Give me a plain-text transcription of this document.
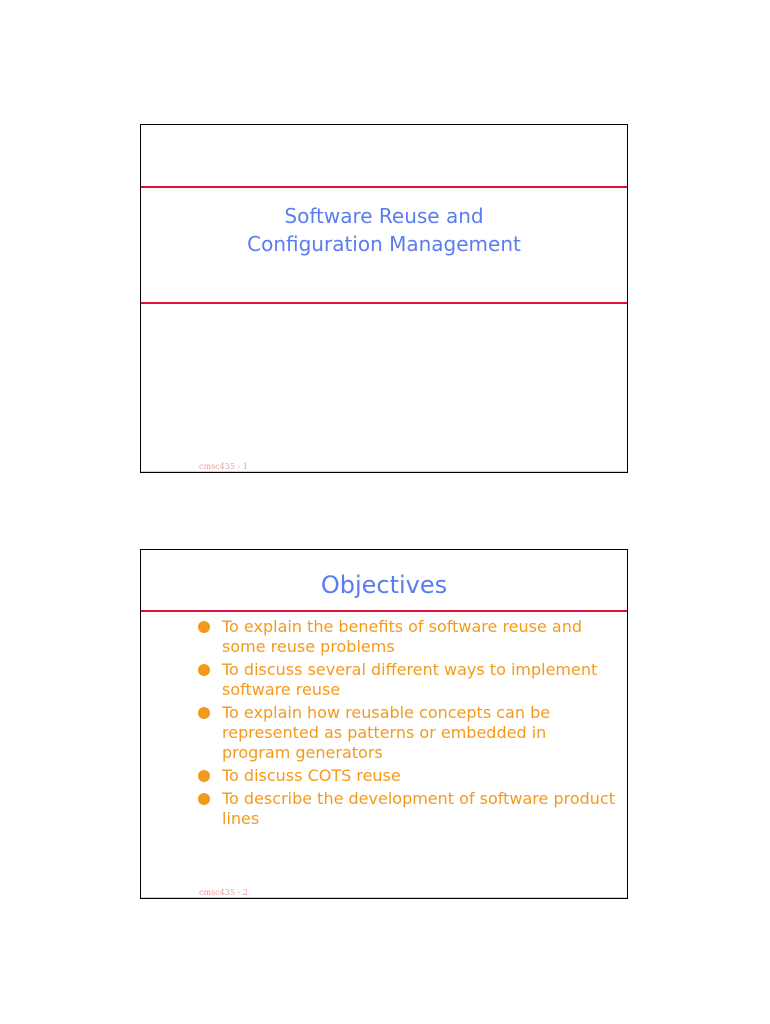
Software Reuse and
Configuration Management
cmsc435 - 1
Objectives
To explain the benefits of software reuse and some reuse problems
To discuss several different ways to implement software reuse
To explain how reusable concepts can be represented as patterns or embedded in program generators
To discuss COTS reuse
To describe the development of software product lines
cmsc435 - 2
